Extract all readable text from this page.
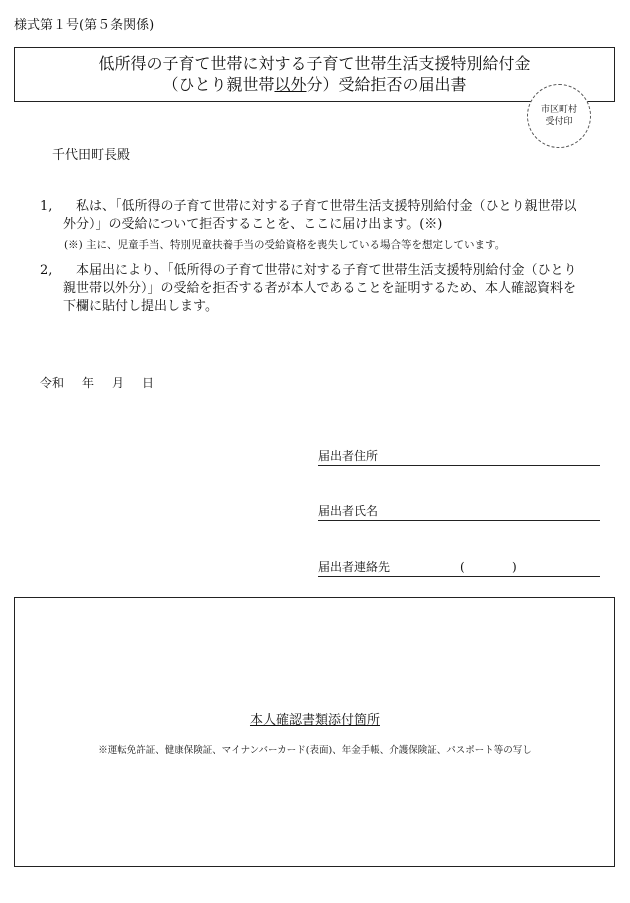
様式第１号(第５条関係)
低所得の子育て世帯に対する子育て世帯生活支援特別給付金
（ひとり親世帯以外分）受給拒否の届出書
市区町村
受付印
千代田町長殿
1,	私は、「低所得の子育て世帯に対する子育て世帯生活支援特別給付金（ひとり親世帯以外分）」の受給について拒否することを、ここに届け出ます。(※)
(※) 主に、児童手当、特別児童扶養手当の受給資格を喪失している場合等を想定しています。
2,	本届出により、「低所得の子育て世帯に対する子育て世帯生活支援特別給付金（ひとり親世帯以外分）」の受給を拒否する者が本人であることを証明するため、本人確認資料を下欄に貼付し提出します。
令和 年 月 日
届出者住所
届出者氏名
届出者連絡先	(	)
本人確認書類添付箇所
※運転免許証、健康保険証、マイナンバーカード(表面)、年金手帳、介護保険証、パスポート等の写し
